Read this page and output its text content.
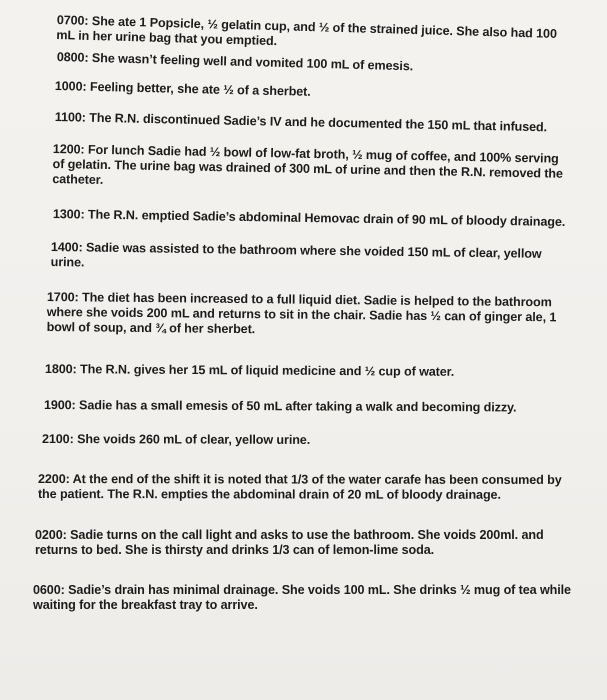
0700: She ate 1 Popsicle, ½ gelatin cup, and ½ of the strained juice. She also had 100 mL in her urine bag that you emptied.

0800: She wasn’t feeling well and vomited 100 mL of emesis.

1000: Feeling better, she ate ½ of a sherbet.

1100: The R.N. discontinued Sadie’s IV and he documented the 150 mL that infused.

1200: For lunch Sadie had ½ bowl of low-fat broth, ½ mug of coffee, and 100% serving of gelatin. The urine bag was drained of 300 mL of urine and then the R.N. removed the catheter.

1300: The R.N. emptied Sadie’s abdominal Hemovac drain of 90 mL of bloody drainage.

1400: Sadie was assisted to the bathroom where she voided 150 mL of clear, yellow urine.

1700: The diet has been increased to a full liquid diet. Sadie is helped to the bathroom where she voids 200 mL and returns to sit in the chair. Sadie has ½ can of ginger ale, 1 bowl of soup, and ¾ of her sherbet.

1800: The R.N. gives her 15 mL of liquid medicine and ½ cup of water.

1900: Sadie has a small emesis of 50 mL after taking a walk and becoming dizzy.

2100: She voids 260 mL of clear, yellow urine.

2200: At the end of the shift it is noted that 1/3 of the water carafe has been consumed by the patient. The R.N. empties the abdominal drain of 20 mL of bloody drainage.

0200: Sadie turns on the call light and asks to use the bathroom. She voids 200ml. and returns to bed. She is thirsty and drinks 1/3 can of lemon-lime soda.

0600: Sadie’s drain has minimal drainage. She voids 100 mL. She drinks ½ mug of tea while waiting for the breakfast tray to arrive.
